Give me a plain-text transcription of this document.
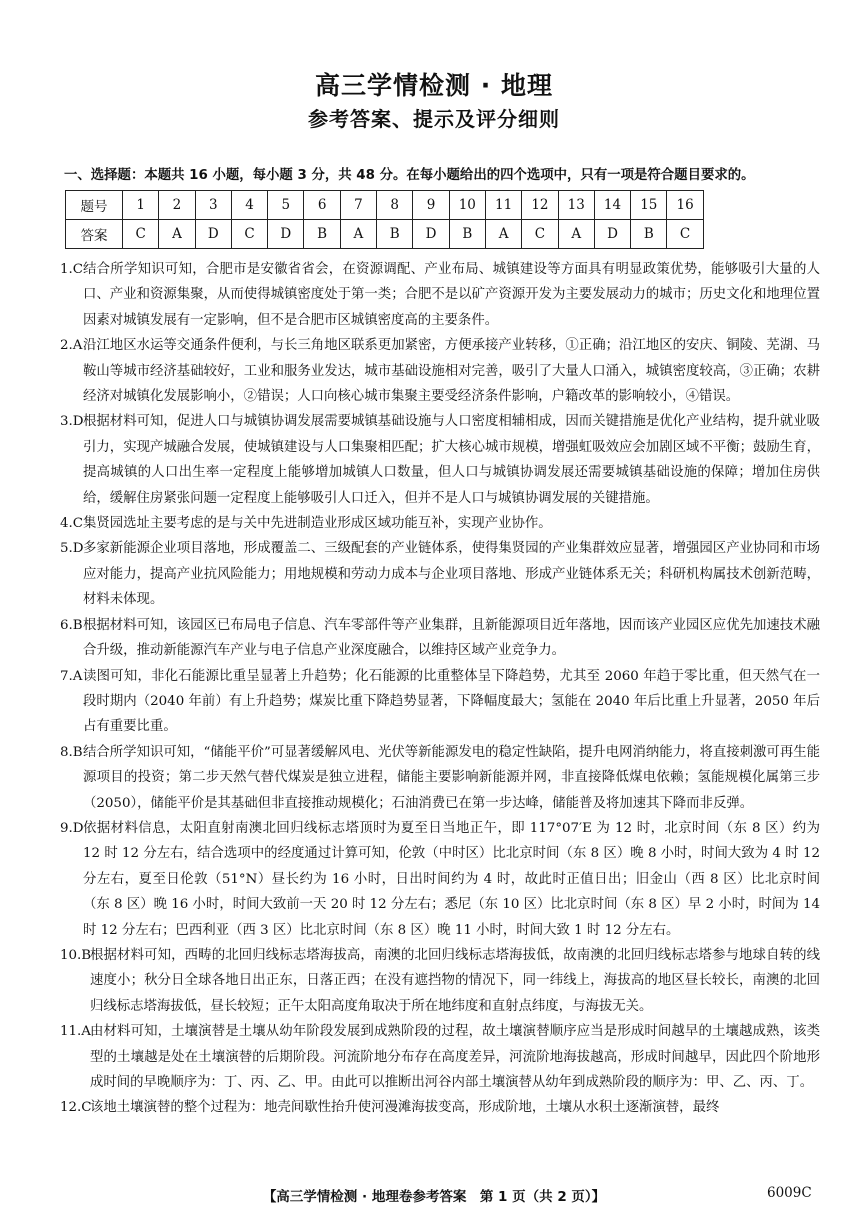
高三学情检测 · 地理
参考答案、提示及评分细则
一、选择题：本题共 16 小题，每小题 3 分，共 48 分。在每小题给出的四个选项中，只有一项是符合题目要求的。
题号	1	2	3	4	5	6	7	8	9	10	11	12	13	14	15	16
答案	C	A	D	C	D	B	A	B	D	B	A	C	A	D	B	C
1.C 结合所学知识可知，合肥市是安徽省省会，在资源调配、产业布局、城镇建设等方面具有明显政策优势，能够吸引大量的人口、产业和资源集聚，从而使得城镇密度处于第一类；合肥不是以矿产资源开发为主要发展动力的城市；历史文化和地理位置因素对城镇发展有一定影响，但不是合肥市区城镇密度高的主要条件。
2.A 沿江地区水运等交通条件便利，与长三角地区联系更加紧密，方便承接产业转移，①正确；沿江地区的安庆、铜陵、芜湖、马鞍山等城市经济基础较好，工业和服务业发达，城市基础设施相对完善，吸引了大量人口涌入，城镇密度较高，③正确；农耕经济对城镇化发展影响小，②错误；人口向核心城市集聚主要受经济条件影响，户籍改革的影响较小，④错误。
3.D 根据材料可知，促进人口与城镇协调发展需要城镇基础设施与人口密度相辅相成，因而关键措施是优化产业结构，提升就业吸引力，实现产城融合发展，使城镇建设与人口集聚相匹配；扩大核心城市规模，增强虹吸效应会加剧区域不平衡；鼓励生育，提高城镇的人口出生率一定程度上能够增加城镇人口数量，但人口与城镇协调发展还需要城镇基础设施的保障；增加住房供给，缓解住房紧张问题一定程度上能够吸引人口迁入，但并不是人口与城镇协调发展的关键措施。
4.C 集贤园选址主要考虑的是与关中先进制造业形成区域功能互补，实现产业协作。
5.D 多家新能源企业项目落地，形成覆盖二、三级配套的产业链体系，使得集贤园的产业集群效应显著，增强园区产业协同和市场应对能力，提高产业抗风险能力；用地规模和劳动力成本与企业项目落地、形成产业链体系无关；科研机构属技术创新范畴，材料未体现。
6.B 根据材料可知，该园区已布局电子信息、汽车零部件等产业集群，且新能源项目近年落地，因而该产业园区应优先加速技术融合升级，推动新能源汽车产业与电子信息产业深度融合，以维持区域产业竞争力。
7.A 读图可知，非化石能源比重呈显著上升趋势；化石能源的比重整体呈下降趋势，尤其至 2060 年趋于零比重，但天然气在一段时期内（2040 年前）有上升趋势；煤炭比重下降趋势显著，下降幅度最大；氢能在 2040 年后比重上升显著，2050 年后占有重要比重。
8.B 结合所学知识可知，“储能平价”可显著缓解风电、光伏等新能源发电的稳定性缺陷，提升电网消纳能力，将直接刺激可再生能源项目的投资；第二步天然气替代煤炭是独立进程，储能主要影响新能源并网，非直接降低煤电依赖；氢能规模化属第三步（2050），储能平价是其基础但非直接推动规模化；石油消费已在第一步达峰，储能普及将加速其下降而非反弹。
9.D 依据材料信息，太阳直射南澳北回归线标志塔顶时为夏至日当地正午，即 117°07′E 为 12 时，北京时间（东 8 区）约为 12 时 12 分左右，结合选项中的经度通过计算可知，伦敦（中时区）比北京时间（东 8 区）晚 8 小时，时间大致为 4 时 12 分左右，夏至日伦敦（51°N）昼长约为 16 小时，日出时间约为 4 时，故此时正值日出；旧金山（西 8 区）比北京时间（东 8 区）晚 16 小时，时间大致前一天 20 时 12 分左右；悉尼（东 10 区）比北京时间（东 8 区）早 2 小时，时间为 14 时 12 分左右；巴西利亚（西 3 区）比北京时间（东 8 区）晚 11 小时，时间大致 1 时 12 分左右。
10.B
根据材料可知，西畴的北回归线标志塔海拔高，南澳的北回归线标志塔海拔低，故南澳的北回归线标志塔参与地球自转的线速度小；秋分日全球各地日出正东，日落正西；在没有遮挡物的情况下，同一纬线上，海拔高的地区昼长较长，南澳的北回归线标志塔海拔低，昼长较短；正午太阳高度角取决于所在地纬度和直射点纬度，与海拔无关。
11.A 由材料可知，土壤演替是土壤从幼年阶段发展到成熟阶段的过程，故土壤演替顺序应当是形成时间越早的土壤越成熟，该类型的土壤越是处在土壤演替的后期阶段。河流阶地分布存在高度差异，河流阶地海拔越高，形成时间越早，因此四个阶地形成时间的早晚顺序为：丁、丙、乙、甲。由此可以推断出河谷内部土壤演替从幼年到成熟阶段的顺序为：甲、乙、丙、丁。
12.C
该地土壤演替的整个过程为：地壳间歇性抬升使河漫滩海拔变高，形成阶地，土壤从水积土逐渐演替，最终
【高三学情检测 · 地理卷参考答案　第 1 页（共 2 页）】	6009C
